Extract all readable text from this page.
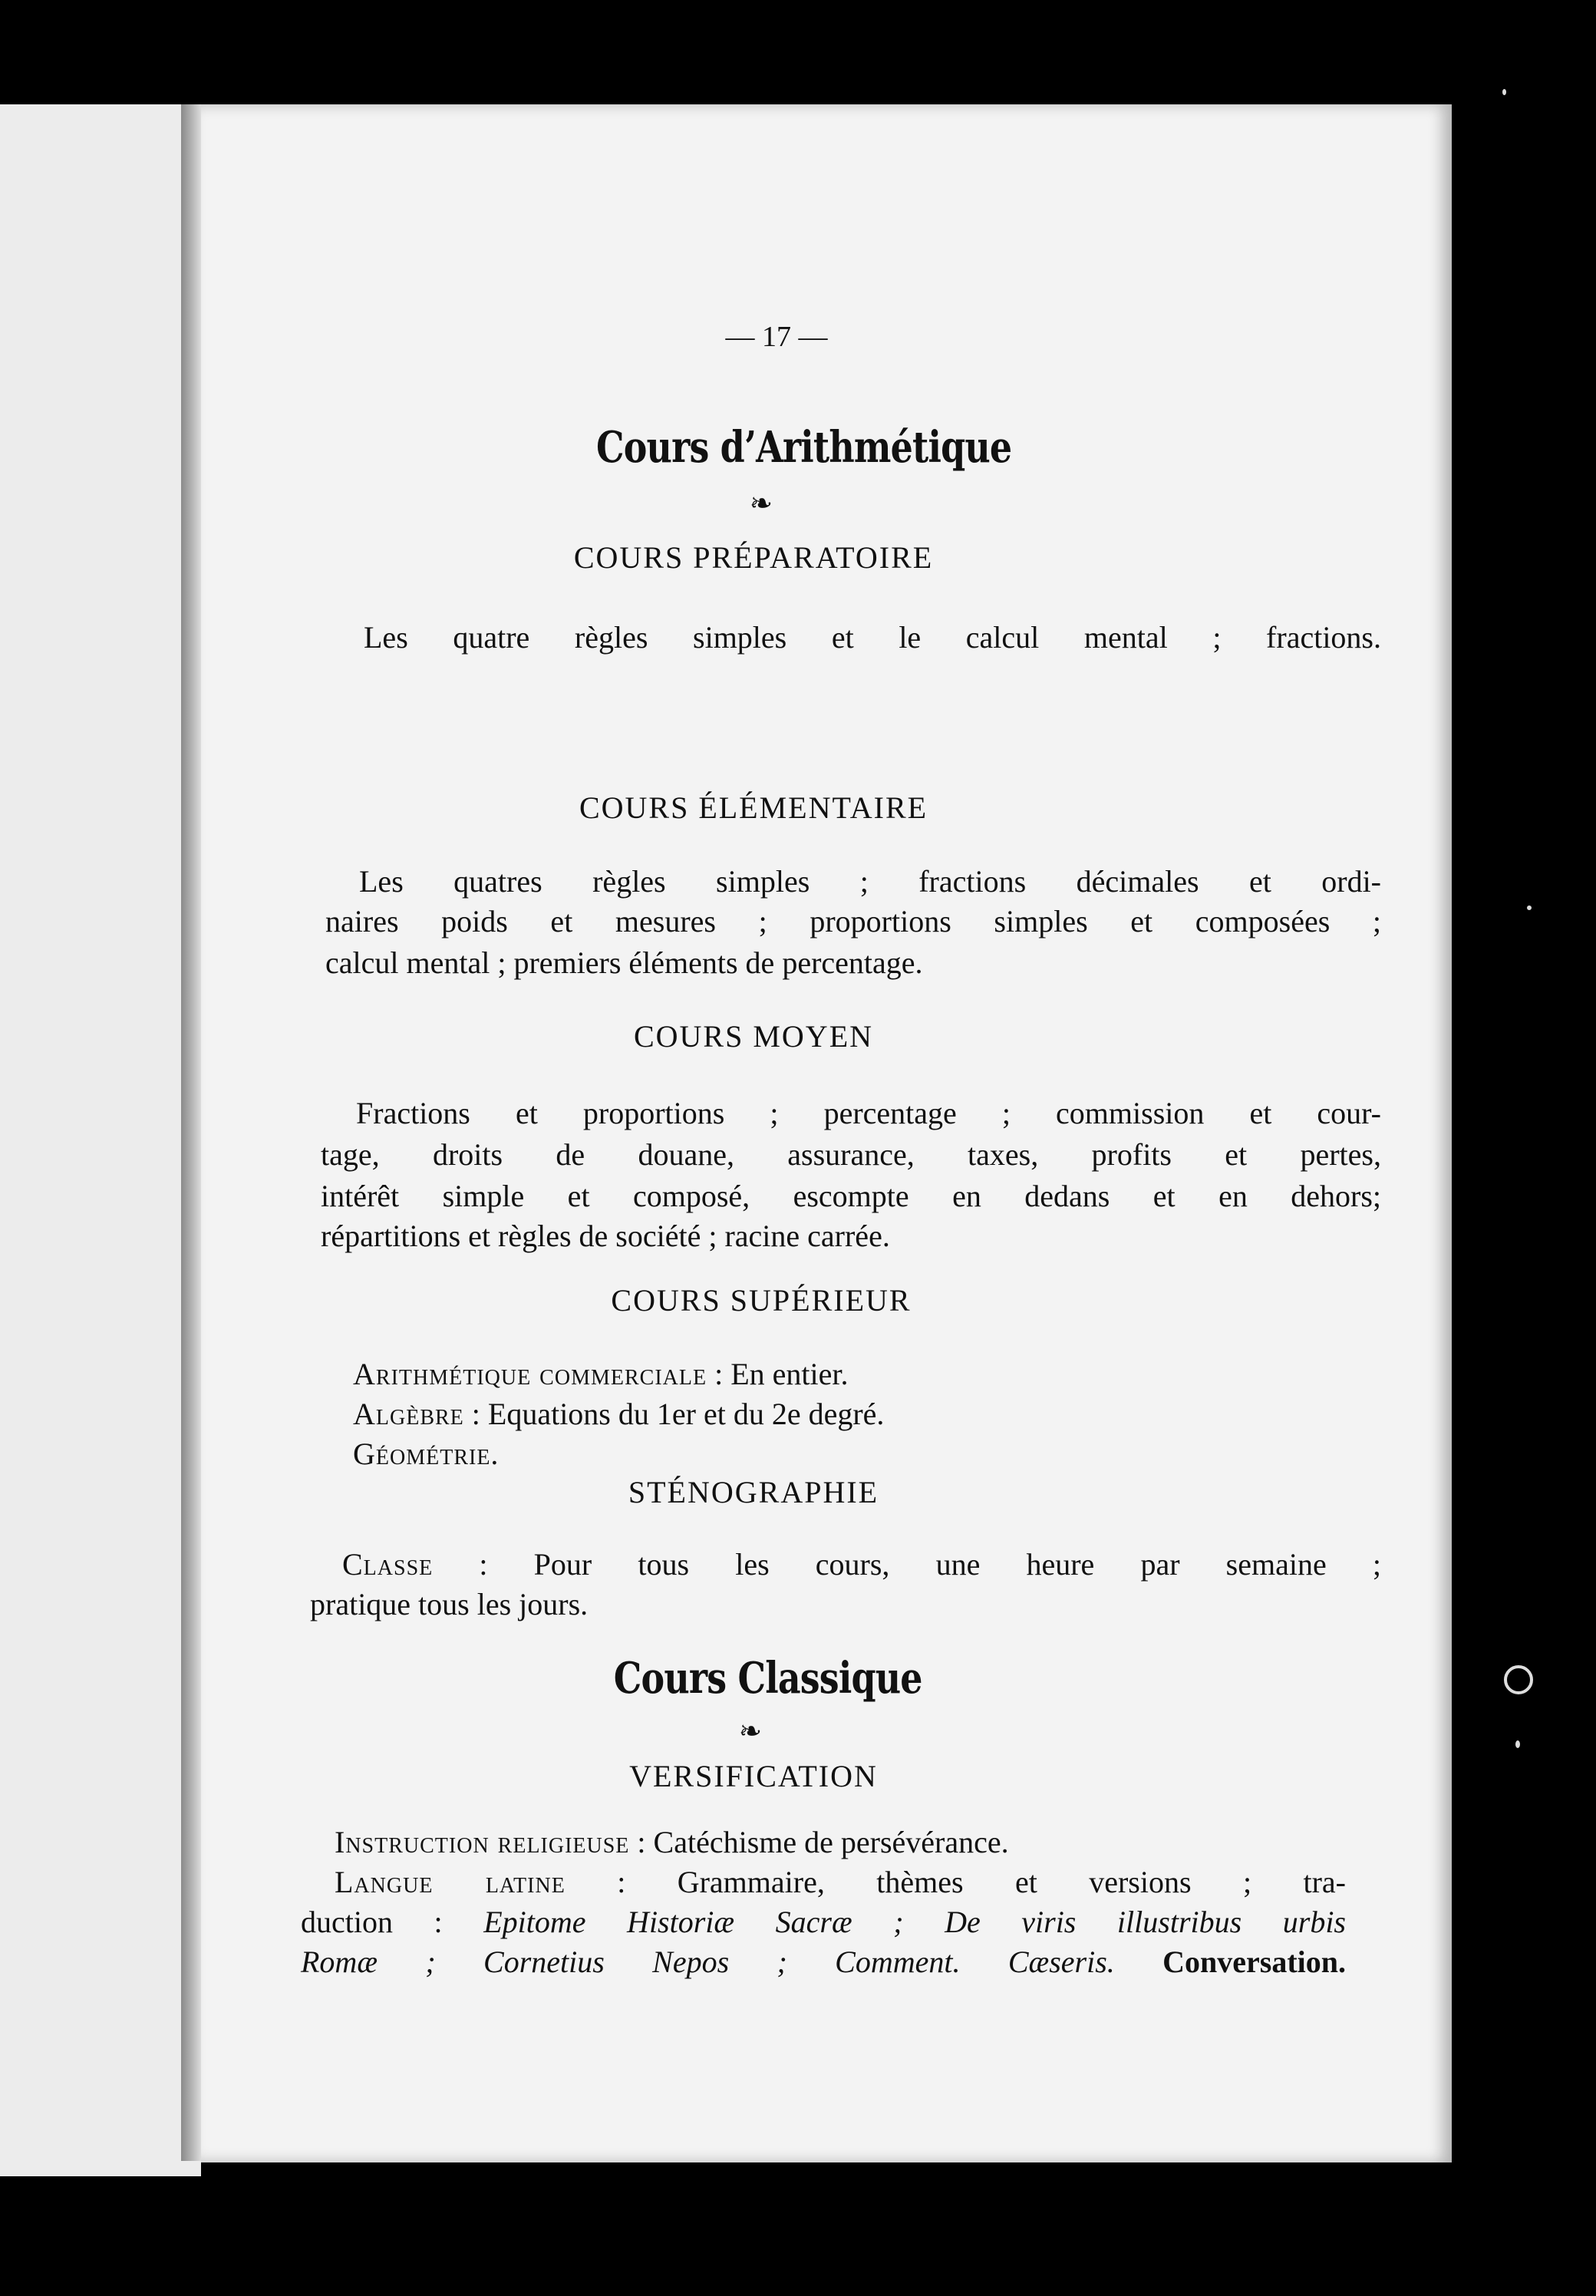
— 17 —
Cours d’Arithmétique
❧
COURS PRÉPARATOIRE
Les quatre règles simples et le calcul mental ; fractions.
COURS ÉLÉMENTAIRE
Les quatres règles simples ; fractions décimales et ordi-
naires poids et mesures ; proportions simples et composées ;
calcul mental ; premiers éléments de percentage.
COURS MOYEN
Fractions et proportions ; percentage ; commission et cour-
tage, droits de douane, assurance, taxes, profits et pertes,
intérêt simple et composé, escompte en dedans et en dehors;
répartitions et règles de société ; racine carrée.
COURS SUPÉRIEUR
Arithmétique commerciale : En entier.
Algèbre : Equations du 1er et du 2e degré.
Géométrie.
STÉNOGRAPHIE
Classe : Pour tous les cours, une heure par semaine ;
pratique tous les jours.
Cours Classique
❧
VERSIFICATION
Instruction religieuse : Catéchisme de persévérance.
Langue latine : Grammaire, thèmes et versions ; tra-
duction : Epitome Historiæ Sacræ ; De viris illustribus urbis
Romæ ; Cornetius Nepos ; Comment. Cæseris. Conversation.
